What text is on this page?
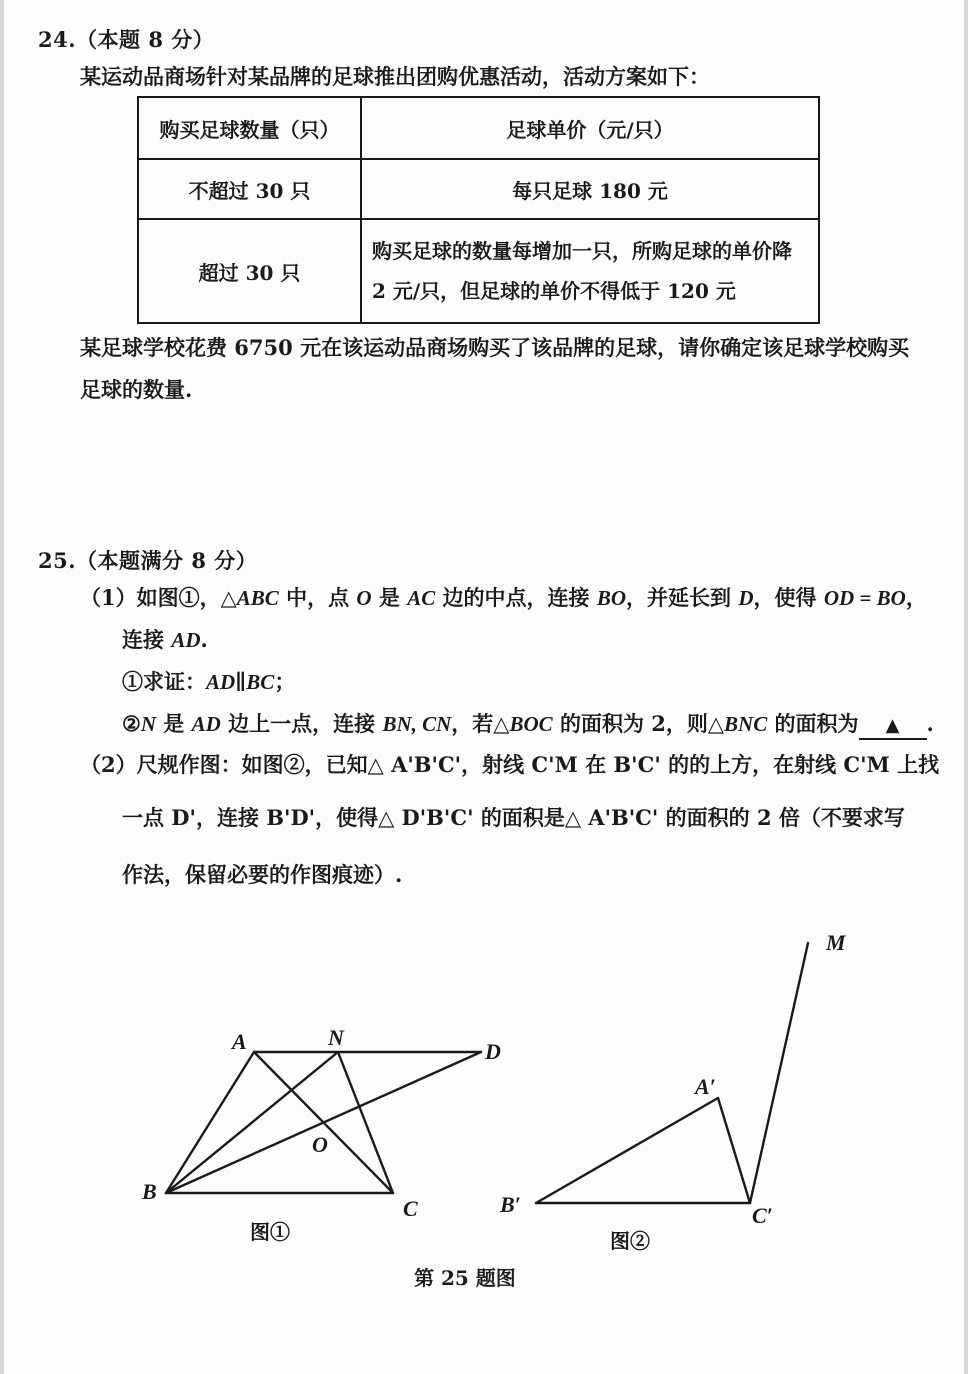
24.（本题 8 分）
某运动品商场针对某品牌的足球推出团购优惠活动，活动方案如下：
购买足球数量（只）	足球单价（元/只）
不超过 30 只	每只足球 180 元
超过 30 只	购买足球的数量每增加一只，所购足球的单价降 2 元/只，但足球的单价不得低于 120 元
某足球学校花费 6750 元在该运动品商场购买了该品牌的足球，请你确定该足球学校购买
足球的数量.
25.（本题满分 8 分）
（1）如图①，△ABC 中，点 O 是 AC 边的中点，连接 BO，并延长到 D，使得 OD = BO，
连接 AD.
①求证：AD∥BC；
②N 是 AD 边上一点，连接 BN, CN，若△BOC 的面积为 2，则△BNC 的面积为 ▲ .
（2）尺规作图：如图②，已知△ A'B'C'，射线 C'M 在 B'C' 的的上方，在射线 C'M 上找
一点 D'，连接 B'D'，使得△ D'B'C' 的面积是△ A'B'C' 的面积的 2 倍（不要求写
作法，保留必要的作图痕迹）.
A	N
D
O
B
C
图①
M
A′
B′	C′
图②
第 25 题图
